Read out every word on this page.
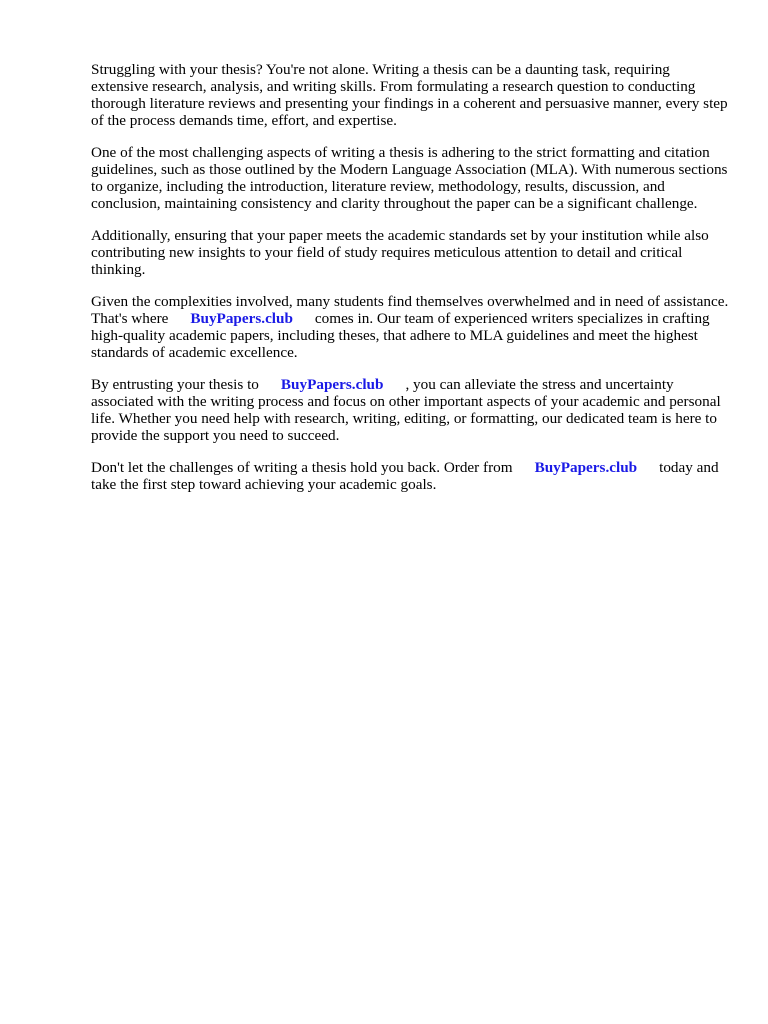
Struggling with your thesis? You're not alone. Writing a thesis can be a daunting task, requiring extensive research, analysis, and writing skills. From formulating a research question to conducting thorough literature reviews and presenting your findings in a coherent and persuasive manner, every step of the process demands time, effort, and expertise.

One of the most challenging aspects of writing a thesis is adhering to the strict formatting and citation guidelines, such as those outlined by the Modern Language Association (MLA). With numerous sections to organize, including the introduction, literature review, methodology, results, discussion, and conclusion, maintaining consistency and clarity throughout the paper can be a significant challenge.

Additionally, ensuring that your paper meets the academic standards set by your institution while also contributing new insights to your field of study requires meticulous attention to detail and critical thinking.

Given the complexities involved, many students find themselves overwhelmed and in need of assistance. That's where BuyPapers.club comes in. Our team of experienced writers specializes in crafting high-quality academic papers, including theses, that adhere to MLA guidelines and meet the highest standards of academic excellence.

By entrusting your thesis to BuyPapers.club , you can alleviate the stress and uncertainty associated with the writing process and focus on other important aspects of your academic and personal life. Whether you need help with research, writing, editing, or formatting, our dedicated team is here to provide the support you need to succeed.

Don't let the challenges of writing a thesis hold you back. Order from BuyPapers.club today and take the first step toward achieving your academic goals.
